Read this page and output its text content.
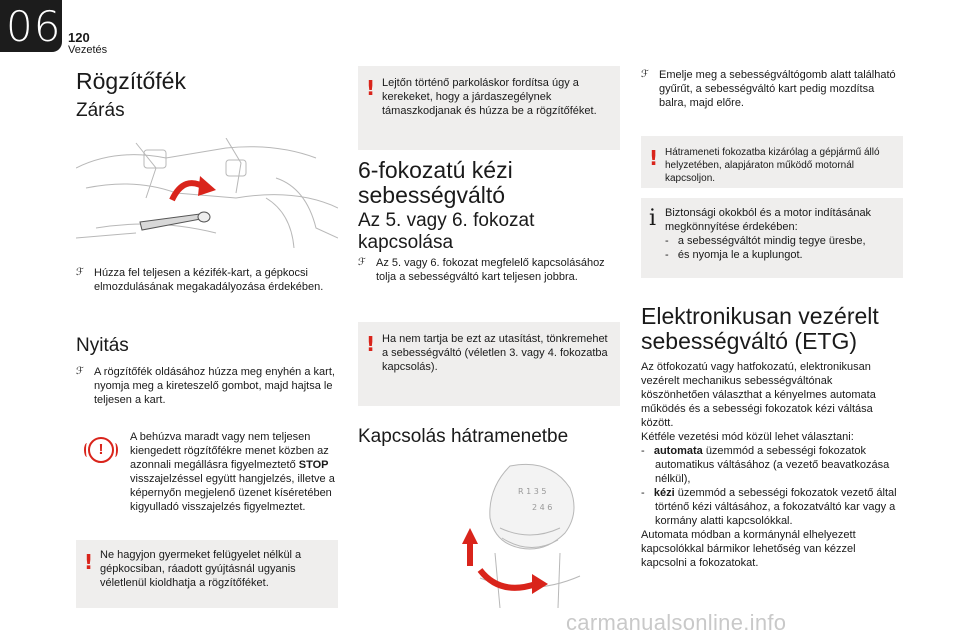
06 120
Vezetés
Rögzítőfék
Zárás
ℱ Húzza fel teljesen a kézifék-kart, a gépkocsi elmozdulásának megakadályozása érdekében.
Nyitás
ℱ A rögzítőfék oldásához húzza meg enyhén a kart, nyomja meg a kireteszelő gombot, majd hajtsa le teljesen a kart.
!
A behúzva maradt vagy nem teljesen kiengedett rögzítőfékre menet közben az azonnali megállásra figyelmeztető STOP visszajelzéssel együtt hangjelzés, illetve a képernyőn megjelenő üzenet kíséretében kigyulladó visszajelzés figyelmeztet.
! Ne hagyjon gyermeket felügyelet nélkül a gépkocsiban, ráadott gyújtásnál ugyanis véletlenül kioldhatja a rögzítőféket.
! Lejtőn történő parkoláskor fordítsa úgy a kerekeket, hogy a járdaszegélynek támaszkodjanak és húzza be a rögzítőféket.
6-fokozatú kézi sebességváltó
Az 5. vagy 6. fokozat kapcsolása
ℱ Az 5. vagy 6. fokozat megfelelő kapcsolásához tolja a sebességváltó kart teljesen jobbra.
! Ha nem tartja be ezt az utasítást, tönkremehet a sebességváltó (véletlen 3. vagy 4. fokozatba kapcsolás).
Kapcsolás hátramenetbe
R 1 3 5
2 4 6
ℱ Emelje meg a sebességváltógomb alatt található gyűrűt, a sebességváltó kart pedig mozdítsa balra, majd előre.
! Hátrameneti fokozatba kizárólag a gépjármű álló helyzetében, alapjáraton működő motornál kapcsoljon.
i Biztonsági okokból és a motor indításának megkönnyítése érdekében:
-   a sebességváltót mindig tegye üresbe,
-   és nyomja le a kuplungot.
Elektronikusan vezérelt sebességváltó (ETG)
Az ötfokozatú vagy hatfokozatú, elektronikusan vezérelt mechanikus sebességváltónak köszönhetően választhat a kényelmes automata működés és a sebességi fokozatok kézi váltása között.
Kétféle vezetési mód közül lehet választani:
-   automata üzemmód a sebességi fokozatok automatikus váltásához (a vezető beavatkozása nélkül),
-   kézi üzemmód a sebességi fokozatok vezető által történő kézi váltásához, a fokozatváltó kar vagy a kormány alatti kapcsolókkal.
Automata módban a kormánynál elhelyezett kapcsolókkal bármikor lehetőség van kézzel kapcsolni a fokozatokat.
carmanualsonline.info
